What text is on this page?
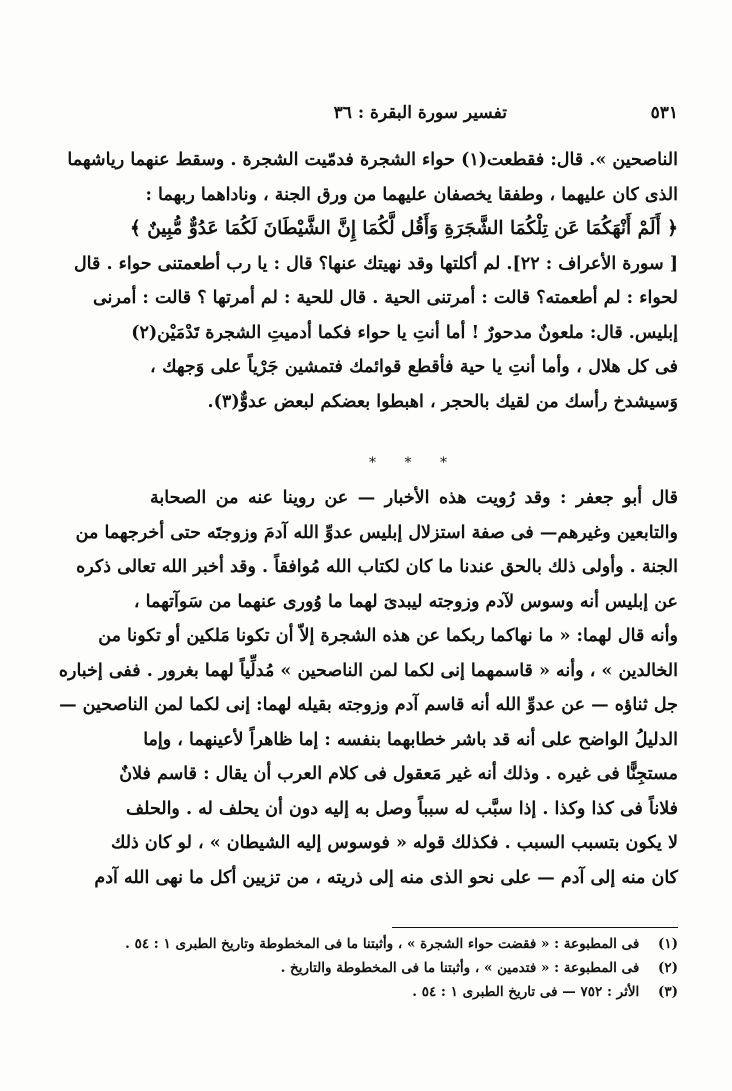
٥٣١
تفسير سورة البقرة : ٣٦
الناصحين ». قال: فقطعت(١) حواء الشجرة فدمّيت الشجرة . وسقط عنهما رياشهما
الذى كان عليهما ، وطفقا يخصفان عليهما من ورق الجنة ، وناداهما ربهما :
﴿ أَلَمْ أَنْهَكُمَا عَن تِلْكُمَا الشَّجَرَةِ وَأَقُل لَّكُمَا إِنَّ الشَّيْطَانَ لَكُمَا عَدُوٌّ مُّبِينٌ ﴾
[ سورة الأعراف : ٢٢]. لم أكلتها وقد نهيتك عنها؟ قال : يا رب أطعمتنى حواء . قال
لحواء : لم أطعمته؟ قالت : أمرتنى الحية . قال للحية : لم أمرتها ؟ قالت : أمرنى
إبليس. قال: ملعونٌ مدحورٌ ! أما أنتِ يا حواء فكما أدميتِ الشجرة تَدْمَيْن(٢)
فى كل هلال ، وأما أنتِ يا حية فأقطع قوائمك فتمشين جَرْياً على وَجهك ،
وَسيشدخ رأسك من لقيك بالحجر ، اهبطوا بعضكم لبعض عدوٌّ(٣).
* * *
قال أبو جعفر : وقد رُويت هذه الأخبار — عن روينا عنه من الصحابة
والتابعين وغيرهم— فى صفة استزلال إبليس عدوِّ الله آدمَ وزوجتَه حتى أخرجهما من
الجنة . وأولى ذلك بالحق عندنا ما كان لكتاب الله مُوافقاً . وقد أخبر الله تعالى ذكره
عن إبليس أنه وسوس لآدم وزوجته ليبدىَ لهما ما وُورى عنهما من سَوآتهما ،
وأنه قال لهما: « ما نهاكما ربكما عن هذه الشجرة إلاّ أن تكونا مَلكين أو تكونا من
الخالدين » ، وأنه « قاسمهما إنى لكما لمن الناصحين » مُدلِّياً لهما بغرور . ففى إخباره
جل ثناؤه — عن عدوِّ الله أنه قاسم آدم وزوجته بقيله لهما: إنى لكما لمن الناصحين —
الدليلُ الواضح على أنه قد باشر خطابهما بنفسه : إما ظاهراً لأعينهما ، وإما
مستجِنًّا فى غيره . وذلك أنه غير مَعقول فى كلام العرب أن يقال : قاسم فلانٌ
فلاناً فى كذا وكذا . إذا سبَّب له سبباً وصل به إليه دون أن يحلف له . والحلف
لا يكون بتسبب السبب . فكذلك قوله « فوسوس إليه الشيطان » ، لو كان ذلك
كان منه إلى آدم — على نحو الذى منه إلى ذريته ، من تزيين أكل ما نهى الله آدم
(١) فى المطبوعة : « فقضت حواء الشجرة » ، وأثبتنا ما فى المخطوطة وتاريخ الطبرى ١ : ٥٤ .
(٢) فى المطبوعة : « فتدمين » ، وأثبتنا ما فى المخطوطة والتاريخ .
(٣) الأثر : ٧٥٢ — فى تاريخ الطبرى ١ : ٥٤ .
